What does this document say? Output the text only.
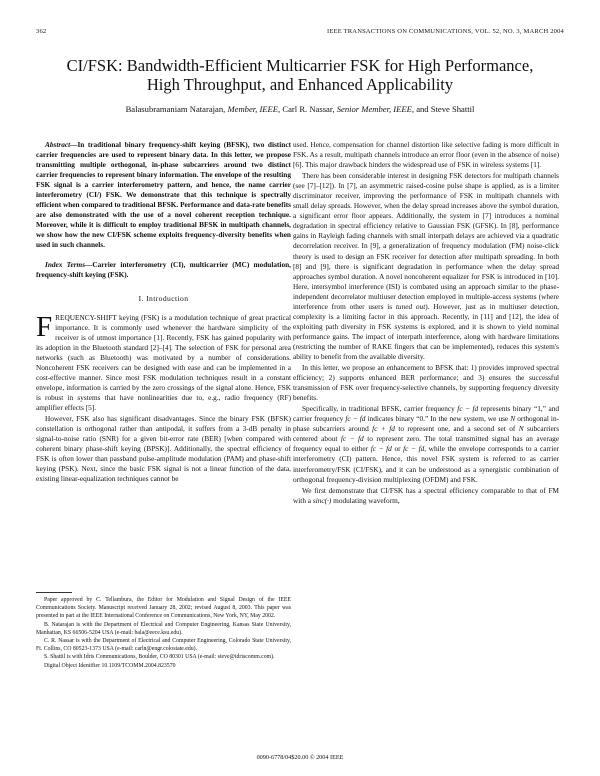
362	IEEE TRANSACTIONS ON COMMUNICATIONS, VOL. 52, NO. 3, MARCH 2004
CI/FSK: Bandwidth-Efficient Multicarrier FSK for High Performance,
High Throughput, and Enhanced Applicability
Balasubramaniam Natarajan, Member, IEEE, Carl R. Nassar, Senior Member, IEEE, and Steve Shattil

Abstract—In traditional binary frequency-shift keying (BFSK), two distinct carrier frequencies are used to represent binary data. In this letter, we propose transmitting multiple orthogonal, in-phase subcarriers around two distinct carrier frequencies to represent binary information. The envelope of the resulting FSK signal is a carrier interferometry pattern, and hence, the name carrier interferometry (CI/) FSK. We demonstrate that this technique is spectrally efficient when compared to traditional BFSK. Performance and data-rate benefits are also demonstrated with the use of a novel coherent reception technique. Moreover, while it is difficult to employ traditional BFSK in multipath channels, we show how the new CI/FSK scheme exploits frequency-diversity benefits when used in such channels.

Index Terms—Carrier interferometry (CI), multicarrier (MC) modulation, frequency-shift keying (FSK).

I. Introduction

FREQUENCY-SHIFT keying (FSK) is a modulation technique of great practical importance. It is commonly used whenever the hardware simplicity of the receiver is of utmost importance [1]. Recently, FSK has gained popularity with its adoption in the Bluetooth standard [2]–[4]. The selection of FSK for personal area networks (such as Bluetooth) was motivated by a number of considerations. Noncoherent FSK receivers can be designed with ease and can be implemented in a cost-effective manner. Since most FSK modulation techniques result in a constant envelope, information is carried by the zero crossings of the signal alone. Hence, FSK is robust in systems that have nonlinearities due to, e.g., radio frequency (RF) amplifier effects [5].

However, FSK also has significant disadvantages. Since the binary FSK (BFSK) constellation is orthogonal rather than antipodal, it suffers from a 3-dB penalty in signal-to-noise ratio (SNR) for a given bit-error rate (BER) [when compared with coherent binary phase-shift keying (BPSK)]. Additionally, the spectral efficiency of FSK is often lower than passband pulse-amplitude modulation (PAM) and phase-shift keying (PSK). Next, since the basic FSK signal is not a linear function of the data, existing linear-equalization techniques cannot be

Paper approved by C. Tellambura, the Editor for Modulation and Signal Design of the IEEE Communications Society. Manuscript received January 28, 2002; revised August 8, 2003. This paper was presented in part at the IEEE International Conference on Communications, New York, NY, May 2002.

B. Natarajan is with the Department of Electrical and Computer Engineering, Kansas State University, Manhattan, KS 66506-5204 USA (e-mail: bala@eece.ksu.edu).

C. R. Nassar is with the Department of Electrical and Computer Engineering, Colorado State University, Ft. Collins, CO 80523-1373 USA (e-mail: carln@engr.colostate.edu).

S. Shattil is with Idris Communications, Boulder, CO 80301 USA (e-mail: steve@idriscomm.com).

Digital Object Identifier 10.1109/TCOMM.2004.823570

used. Hence, compensation for channel distortion like selective fading is more difficult in FSK. As a result, multipath channels introduce an error floor (even in the absence of noise) [6]. This major drawback hinders the widespread use of FSK in wireless systems [1].

There has been considerable interest in designing FSK detectors for multipath channels (see [7]–[12]). In [7], an asymmetric raised-cosine pulse shape is applied, as is a limiter discriminator receiver, improving the performance of FSK in multipath channels with small delay spreads. However, when the delay spread increases above the symbol duration, a significant error floor appears. Additionally, the system in [7] introduces a nominal degradation in spectral efficiency relative to Gaussian FSK (GFSK). In [8], performance gains in Rayleigh fading channels with small interpath delays are achieved via a quadratic decorrelation receiver. In [9], a generalization of frequency modulation (FM) noise-click theory is used to design an FSK receiver for detection after multipath spreading. In both [8] and [9], there is significant degradation in performance when the delay spread approaches symbol duration. A novel noncoherent equalizer for FSK is introduced in [10]. Here, intersymbol interference (ISI) is combated using an approach similar to the phase-independent decorrelator multiuser detection employed in multiple-access systems (where interference from other users is tuned out). However, just as in multiuser detection, complexity is a limiting factor in this approach. Recently, in [11] and [12], the idea of exploiting path diversity in FSK systems is explored, and it is shown to yield nominal performance gains. The impact of interpath interference, along with hardware limitations (restricting the number of RAKE fingers that can be implemented), reduces this system's ability to benefit from the available diversity.

In this letter, we propose an enhancement to BFSK that: 1) provides improved spectral efficiency; 2) supports enhanced BER performance; and 3) ensures the successful transmission of FSK over frequency-selective channels, by supporting frequency diversity benefits.

Specifically, in traditional BFSK, carrier frequency fc − fd represents binary “1,” and carrier frequency fc − fd indicates binary “0.” In the new system, we use N orthogonal in-phase subcarriers around fc + fd to represent one, and a second set of N subcarriers centered about fc − fd to represent zero. The total transmitted signal has an average frequency equal to either fc − fd or fc − fd, while the envelope corresponds to a carrier interferometry (CI) pattern. Hence, this novel FSK system is referred to as carrier interferometry/FSK (CI/FSK), and it can be understood as a synergistic combination of orthogonal frequency-division multiplexing (OFDM) and FSK.

We first demonstrate that CI/FSK has a spectral efficiency comparable to that of FM with a sinc(·) modulating waveform,

0090-6778/04$20.00 © 2004 IEEE
